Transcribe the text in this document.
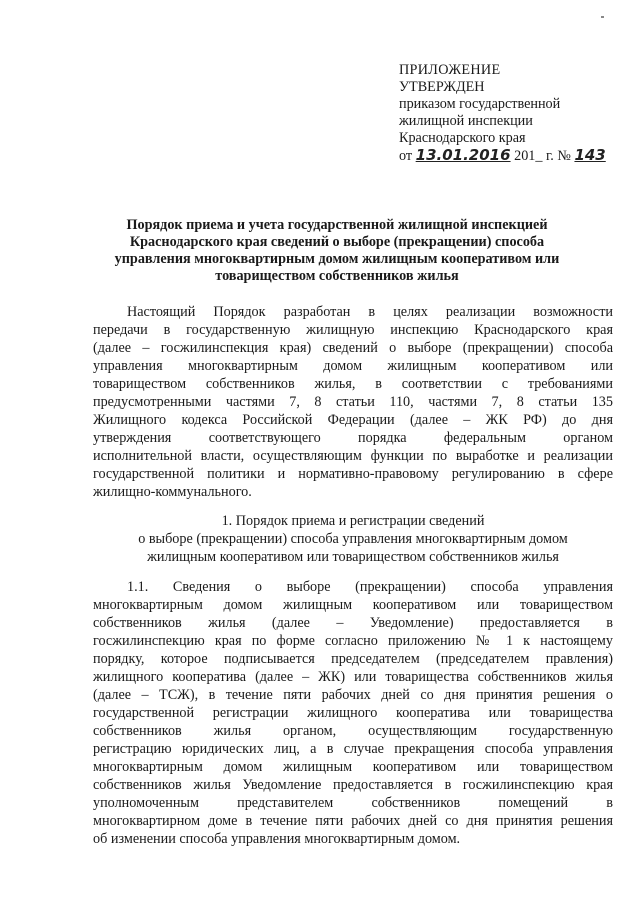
ПРИЛОЖЕНИЕ

УТВЕРЖДЕН

приказом государственной

жилищной инспекции

Краснодарского края

от 13.01.2016 201_ г. № 143

Порядок приема и учета государственной жилищной инспекцией
Краснодарского края сведений о выборе (прекращении) способа
управления многоквартирным домом жилищным кооперативом или
товариществом собственников жилья
Настоящий Порядок разработан в целях реализации возможности
передачи в государственную жилищную инспекцию Краснодарского края
(далее – госжилинспекция края) сведений о выборе (прекращении) способа
управления многоквартирным домом жилищным кооперативом или
товариществом собственников жилья, в соответствии с требованиями
предусмотренными частями 7, 8 статьи 110, частями 7, 8 статьи 135
Жилищного кодекса Российской Федерации (далее – ЖК РФ) до дня
утверждения соответствующего порядка федеральным органом
исполнительной власти, осуществляющим функции по выработке и реализации
государственной политики и нормативно-правовому регулированию в сфере
жилищно-коммунального.
1. Порядок приема и регистрации сведений
о выборе (прекращении) способа управления многоквартирным домом
жилищным кооперативом или товариществом собственников жилья
1.1. Сведения о выборе (прекращении) способа управления
многоквартирным домом жилищным кооперативом или товариществом
собственников жилья (далее – Уведомление) предоставляется в
госжилинспекцию края по форме согласно приложению № 1 к настоящему
порядку, которое подписывается председателем (председателем правления)
жилищного кооператива (далее – ЖК) или товарищества собственников жилья
(далее – ТСЖ), в течение пяти рабочих дней со дня принятия решения о
государственной регистрации жилищного кооператива или товарищества
собственников жилья органом, осуществляющим государственную
регистрацию юридических лиц, а в случае прекращения способа управления
многоквартирным домом жилищным кооперативом или товариществом
собственников жилья Уведомление предоставляется в госжилинспекцию края
уполномоченным представителем собственников помещений в
многоквартирном доме в течение пяти рабочих дней со дня принятия решения
об изменении способа управления многоквартирным домом.
